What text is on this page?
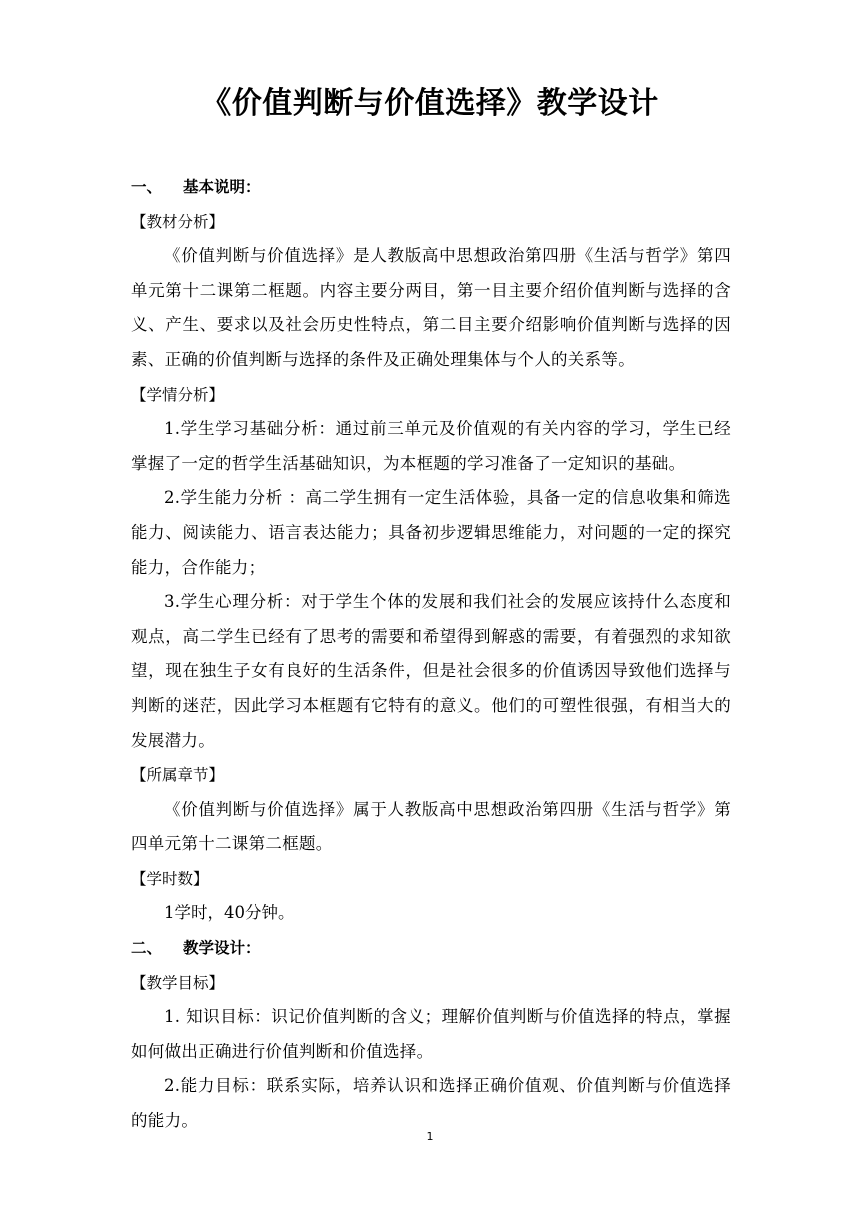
《价值判断与价值选择》教学设计
一、 基本说明：
【教材分析】

《价值判断与价值选择》是人教版高中思想政治第四册《生活与哲学》第四单元第十二课第二框题。内容主要分两目，第一目主要介绍价值判断与选择的含义、产生、要求以及社会历史性特点，第二目主要介绍影响价值判断与选择的因素、正确的价值判断与选择的条件及正确处理集体与个人的关系等。

【学情分析】

1.学生学习基础分析：通过前三单元及价值观的有关内容的学习，学生已经掌握了一定的哲学生活基础知识，为本框题的学习准备了一定知识的基础。

2.学生能力分析 ：高二学生拥有一定生活体验，具备一定的信息收集和筛选能力、阅读能力、语言表达能力；具备初步逻辑思维能力，对问题的一定的探究能力，合作能力；

3.学生心理分析：对于学生个体的发展和我们社会的发展应该持什么态度和观点，高二学生已经有了思考的需要和希望得到解惑的需要，有着强烈的求知欲望，现在独生子女有良好的生活条件，但是社会很多的价值诱因导致他们选择与判断的迷茫，因此学习本框题有它特有的意义。他们的可塑性很强，有相当大的发展潜力。

【所属章节】

《价值判断与价值选择》属于人教版高中思想政治第四册《生活与哲学》第四单元第十二课第二框题。

【学时数】
1学时，40分钟。
二、 教学设计：
【教学目标】

1. 知识目标：识记价值判断的含义；理解价值判断与价值选择的特点，掌握如何做出正确进行价值判断和价值选择。

2.能力目标：联系实际，培养认识和选择正确价值观、价值判断与价值选择的能力。

1
